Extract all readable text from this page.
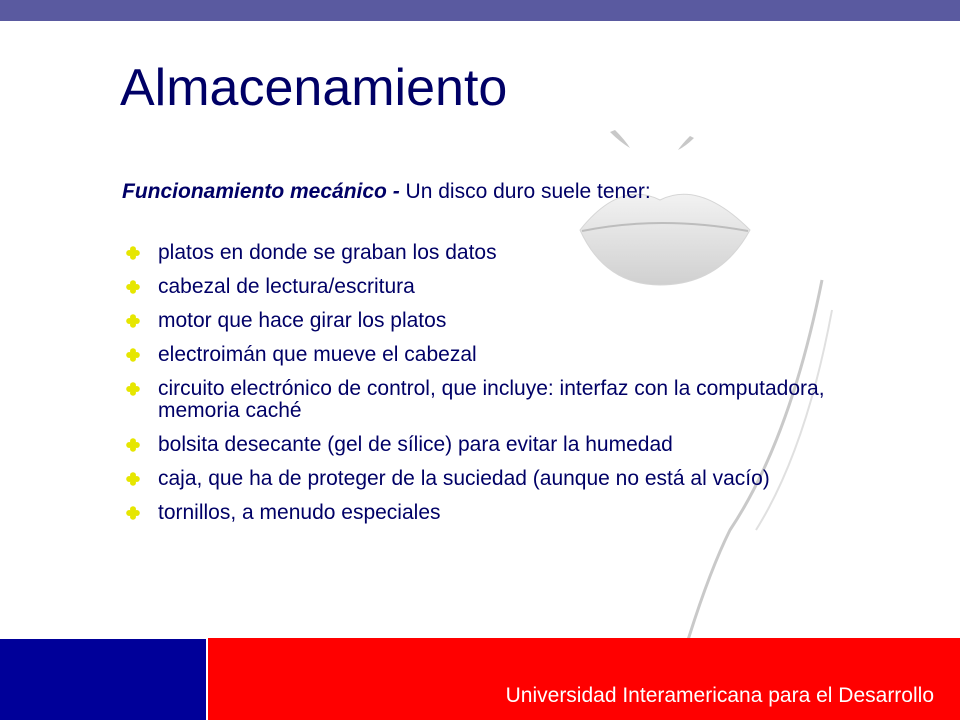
Almacenamiento

Funcionamiento mecánico - Un disco duro suele tener:

platos en donde se graban los datos
cabezal de lectura/escritura
motor que hace girar los platos
electroimán que mueve el cabezal
circuito electrónico de control, que incluye: interfaz con la computadora, memoria caché
bolsita desecante (gel de sílice) para evitar la humedad
caja, que ha de proteger de la suciedad (aunque no está al vacío)
tornillos, a menudo especiales

Universidad Interamericana para el Desarrollo
